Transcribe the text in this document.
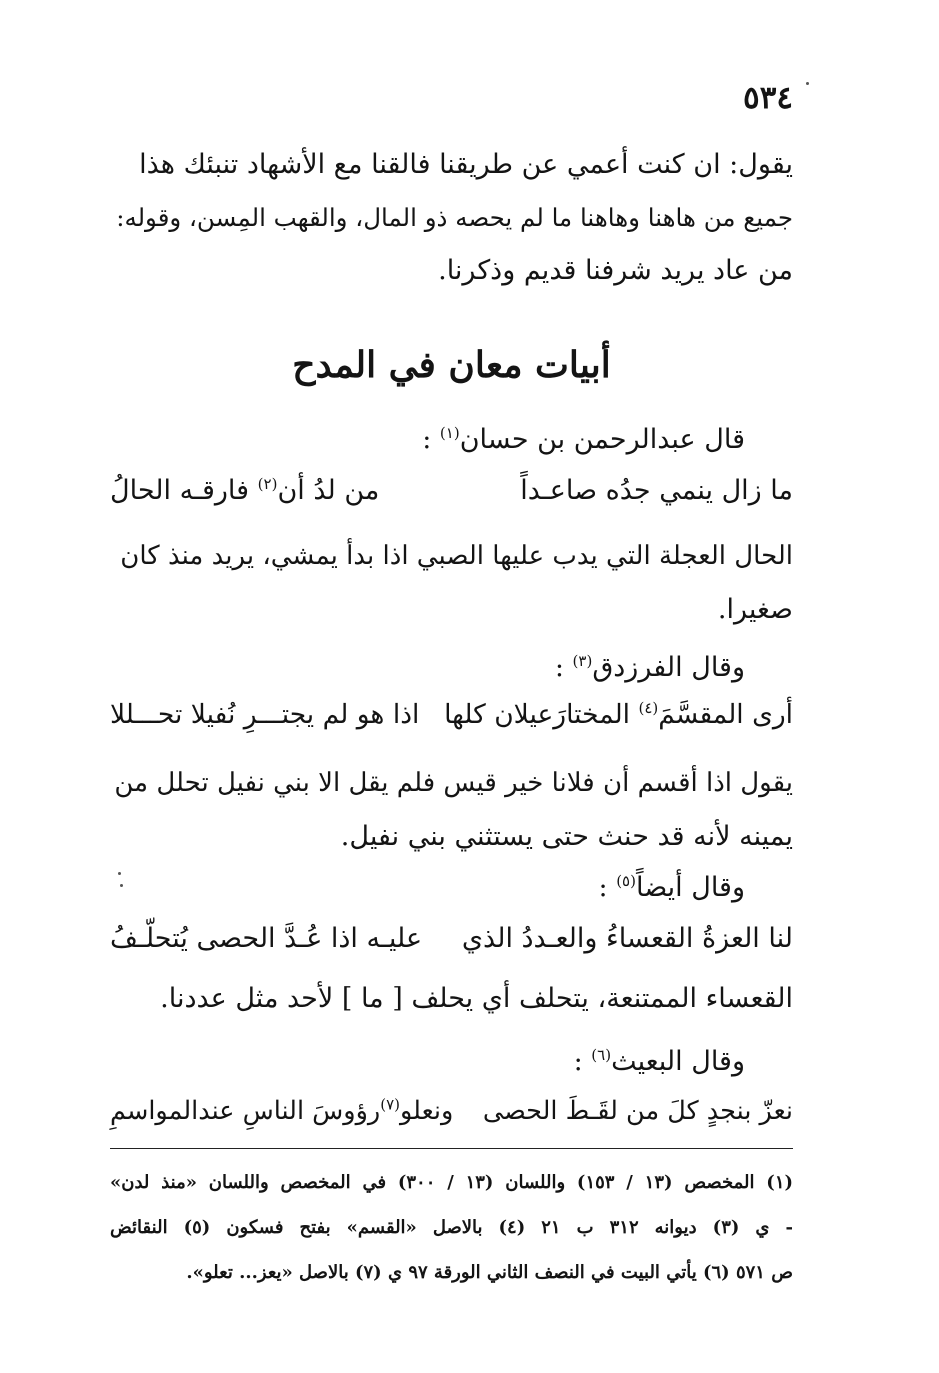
٥٣٤
يقول: ان كنت أعمي عن طريقنا فالقنا مع الأشهاد تنبئك هذا
جميع من هاهنا وهاهنا ما لم يحصه ذو المال، والقهب المِسن، وقوله:
من عاد يريد شرفنا قديم وذكرنا.
أبيات معان في المدح
قال عبدالرحمن بن حسان$^{(١)}$ :
ما زال ينمي جدُه صاعـداً
من لدُ أن$^{(٢)}$ فارقـه الحالُ
الحال العجلة التي يدب عليها الصبي اذا بدأ يمشي، يريد منذ كان
صغيرا.
وقال الفرزدق$^{(٣)}$ :
أرى المقسَّمَ$^{(٤)}$ المختارَعيلان كلها
اذا هو لم يجتـــرِ نُفيلا تحـــللا
يقول اذا أقسم أن فلانا خير قيس فلم يقل الا بني نفيل تحلل من
يمينه لأنه قد حنث حتى يستثني بني نفيل.
وقال أيضاً$^{(٥)}$ :
لنا العزةُ القعساءُ والعـددُ الذي
عليـه اذا عُـدَّ الحصى يُتحلّـفُ
القعساء الممتنعة، يتحلف أي يحلف [ ما ] لأحد مثل عددنا.
وقال البعيث$^{(٦)}$ :
نعزّ بنجدٍ كلَ من لقَـطَ الحصى
ونعلو$^{(٧)}$رؤوسَ الناسِ عندالمواسمِ
(١) المخصص (١٣ / ١٥٣) واللسان (١٣ / ٣٠٠) في المخصص واللسان «منذ لدن»
- ي (٣) ديوانه ٣١٢ ب ٢١ (٤) بالاصل «القسم» بفتح فسكون (٥) النقائض
ص ٥٧١ (٦) يأتي البيت في النصف الثاني الورقة ٩٧ ي (٧) بالاصل «يعز... تعلو».
